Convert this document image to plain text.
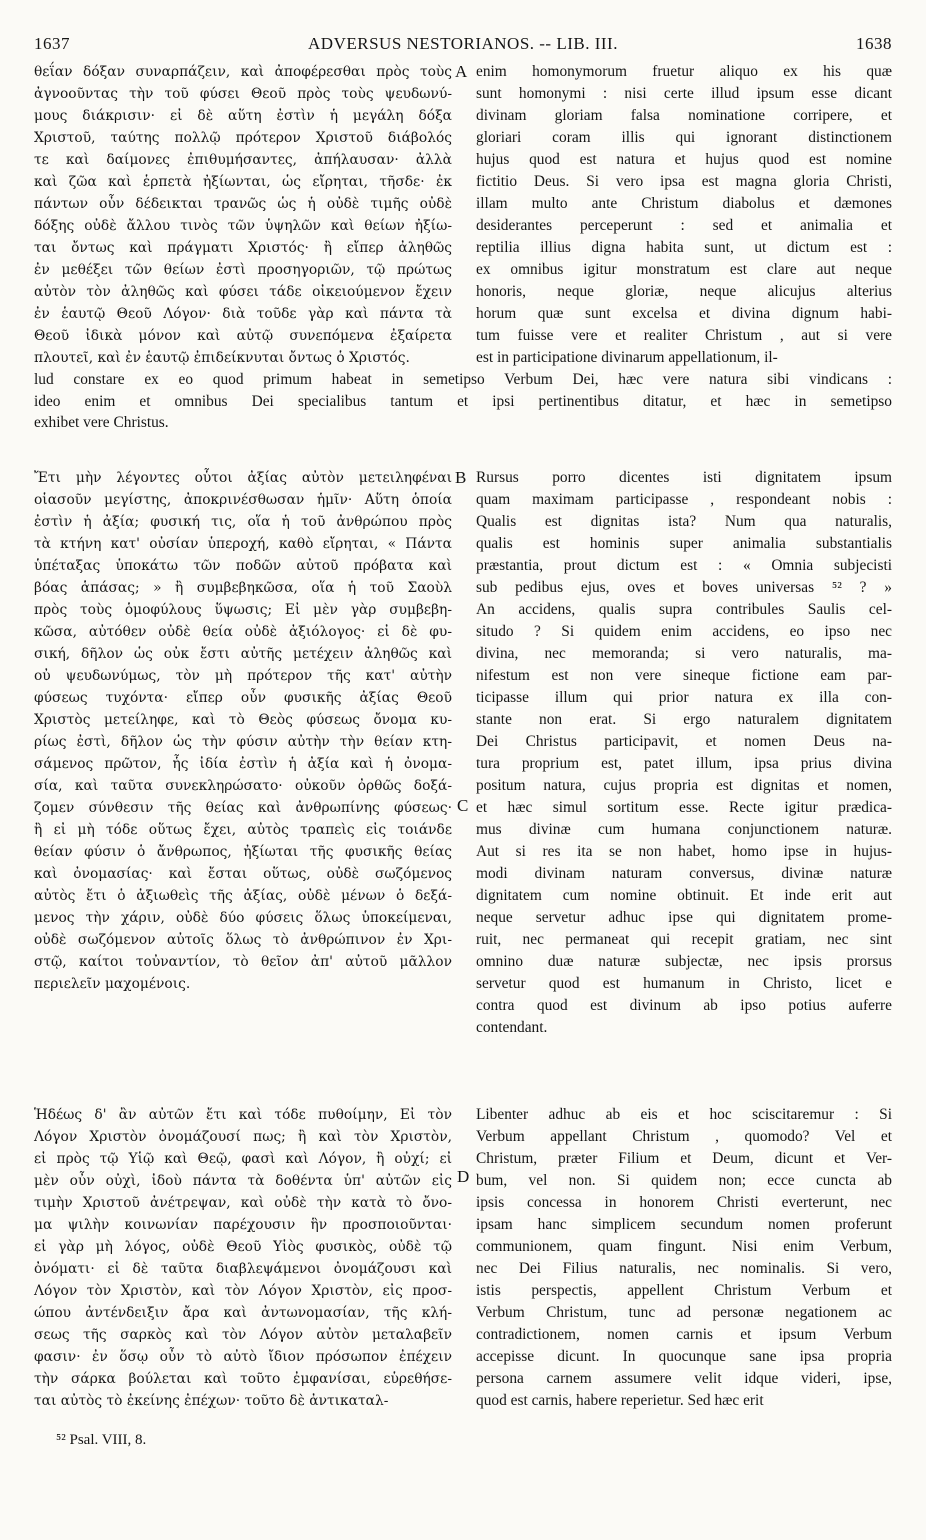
1637	ADVERSUS NESTORIANOS. -- LIB. III.	1638
θεΐαν δόξαν συναρπάζειν, καὶ ἀποφέρεσθαι πρὸς τοὺς
ἀγνοοῦντας τὴν τοῦ φύσει Θεοῦ πρὸς τοὺς ψευδωνύ-
μους διάκρισιν· εἰ δὲ αὕτη ἐστὶν ἡ μεγάλη δόξα
Χριστοῦ, ταύτης πολλῷ πρότερον Χριστοῦ διάβολός
τε καὶ δαίμονες ἐπιθυμήσαντες, ἀπήλαυσαν· ἀλλὰ
καὶ ζῶα καὶ ἑρπετὰ ἠξίωνται, ὡς εἴρηται, τῆσδε· ἐκ
πάντων οὖν δέδεικται τρανῶς ὡς ἡ οὐδὲ τιμῆς οὐδὲ
δόξης οὐδὲ ἄλλου τινὸς τῶν ὑψηλῶν καὶ θείων ἠξίω-
ται ὄντως καὶ πράγματι Χριστός· ἢ εἴπερ ἀληθῶς
ἐν μεθέξει τῶν θείων ἐστὶ προσηγοριῶν, τῷ πρώτως
αὐτὸν τὸν ἀληθῶς καὶ φύσει τάδε οἰκειούμενον ἔχειν
ἐν ἑαυτῷ Θεοῦ Λόγον· διὰ τοῦδε γὰρ καὶ πάντα τὰ
Θεοῦ ἰδικὰ μόνον καὶ αὐτῷ συνεπόμενα ἐξαίρετα
πλουτεῖ, καὶ ἐν ἑαυτῷ ἐπιδείκνυται ὄντως ὁ Χριστός.
enim homonymorum fruetur aliquo ex his quæ
sunt homonymi : nisi certe illud ipsum esse dicant
divinam gloriam falsa nominatione corripere, et
gloriari coram illis qui ignorant distinctionem
hujus quod est natura et hujus quod est nomine
fictitio Deus. Si vero ipsa est magna gloria Christi,
illam multo ante Christum diabolus et dæmones
desiderantes perceperunt : sed et animalia et
reptilia illius digna habita sunt, ut dictum est :
ex omnibus igitur monstratum est clare aut neque
honoris, neque gloriæ, neque alicujus alterius
horum quæ sunt excelsa et divina dignum habi-
tum fuisse vere et realiter Christum , aut si vere
est in participatione divinarum appellationum, il-
lud constare ex eo quod primum habeat in semetipso Verbum Dei, hæc vere natura sibi vindicans :
ideo enim et omnibus Dei specialibus tantum et ipsi pertinentibus ditatur, et hæc in semetipso
exhibet vere Christus.
Ἔτι μὴν λέγοντες οὗτοι ἀξίας αὐτὸν μετειληφέναι
οἱασοῦν μεγίστης, ἀποκρινέσθωσαν ἡμῖν· Αὕτη ὁποία
ἐστὶν ἡ ἀξία; φυσική τις, οἵα ἡ τοῦ ἀνθρώπου πρὸς
τὰ κτήνη κατ' οὐσίαν ὑπεροχή, καθὸ εἴρηται, « Πάντα
ὑπέταξας ὑποκάτω τῶν ποδῶν αὐτοῦ πρόβατα καὶ
βόας ἁπάσας; » ἢ συμβεβηκῶσα, οἵα ἡ τοῦ Σαοὺλ
πρὸς τοὺς ὁμοφύλους ὕψωσις; Εἰ μὲν γὰρ συμβεβη-
κῶσα, αὐτόθεν οὐδὲ θεία οὐδὲ ἀξιόλογος· εἰ δὲ φυ-
σική, δῆλον ὡς οὐκ ἔστι αὐτῆς μετέχειν ἀληθῶς καὶ
οὐ ψευδωνύμως, τὸν μὴ πρότερον τῆς κατ' αὐτὴν
φύσεως τυχόντα· εἴπερ οὖν φυσικῆς ἀξίας Θεοῦ
Χριστὸς μετείληφε, καὶ τὸ Θεὸς φύσεως ὄνομα κυ-
ρίως ἐστὶ, δῆλον ὡς τὴν φύσιν αὐτὴν τὴν θείαν κτη-
σάμενος πρῶτον, ἧς ἰδία ἐστὶν ἡ ἀξία καὶ ἡ ὀνομα-
σία, καὶ ταῦτα συνεκληρώσατο· οὐκοῦν ὀρθῶς δοξά-
ζομεν σύνθεσιν τῆς θείας καὶ ἀνθρωπίνης φύσεως·
ἢ εἰ μὴ τόδε οὕτως ἔχει, αὐτὸς τραπεὶς εἰς τοιάνδε
θείαν φύσιν ὁ ἄνθρωπος, ἠξίωται τῆς φυσικῆς θείας
καὶ ὀνομασίας· καὶ ἔσται οὕτως, οὐδὲ σωζόμενος
αὐτὸς ἔτι ὁ ἀξιωθεὶς τῆς ἀξίας, οὐδὲ μένων ὁ δεξά-
μενος τὴν χάριν, οὐδὲ δύο φύσεις ὅλως ὑποκείμεναι,
οὐδὲ σωζόμενον αὐτοῖς ὅλως τὸ ἀνθρώπινον ἐν Χρι-
στῷ, καίτοι τοὐναντίον, τὸ θεῖον ἀπ' αὐτοῦ μᾶλλον
περιελεῖν μαχομένοις.
Rursus porro dicentes isti dignitatem ipsum
quam maximam participasse , respondeant nobis :
Qualis est dignitas ista? Num qua naturalis,
qualis est hominis super animalia substantialis
præstantia, prout dictum est : « Omnia subjecisti
sub pedibus ejus, oves et boves universas ⁵² ? »
An accidens, qualis supra contribules Saulis cel-
situdo ? Si quidem enim accidens, eo ipso nec
divina, nec memoranda; si vero naturalis, ma-
nifestum est non vere sineque fictione eam par-
ticipasse illum qui prior natura ex illa con-
stante non erat. Si ergo naturalem dignitatem
Dei Christus participavit, et nomen Deus na-
tura proprium est, patet illum, ipsa prius divina
positum natura, cujus propria est dignitas et nomen,
et hæc simul sortitum esse. Recte igitur prædica-
mus divinæ cum humana conjunctionem naturæ.
Aut si res ita se non habet, homo ipse in hujus-
modi divinam naturam conversus, divinæ naturæ
dignitatem cum nomine obtinuit. Et inde erit aut
neque servetur adhuc ipse qui dignitatem prome-
ruit, nec permaneat qui recepit gratiam, nec sint
omnino duæ naturæ subjectæ, nec ipsis prorsus
servetur quod est humanum in Christo, licet e
contra quod est divinum ab ipso potius auferre
contendant.
Ἡδέως δ' ἂν αὐτῶν ἔτι καὶ τόδε πυθοίμην, Εἰ τὸν
Λόγον Χριστὸν ὀνομάζουσί πως; ἢ καὶ τὸν Χριστὸν,
εἰ πρὸς τῷ Υἱῷ καὶ Θεῷ, φασὶ καὶ Λόγον, ἢ οὐχί; εἰ
μὲν οὖν οὐχὶ, ἰδοὺ πάντα τὰ δοθέντα ὑπ' αὐτῶν εἰς
τιμὴν Χριστοῦ ἀνέτρεψαν, καὶ οὐδὲ τὴν κατὰ τὸ ὄνο-
μα ψιλὴν κοινωνίαν παρέχουσιν ἣν προσποιοῦνται·
εἰ γὰρ μὴ λόγος, οὐδὲ Θεοῦ Υἱὸς φυσικὸς, οὐδὲ τῷ
ὀνόματι· εἰ δὲ ταῦτα διαβλεψάμενοι ὀνομάζουσι καὶ
Λόγον τὸν Χριστὸν, καὶ τὸν Λόγον Χριστὸν, εἰς προσ-
ώπου ἀντένδειξιν ἄρα καὶ ἀντωνομασίαν, τῆς κλή-
σεως τῆς σαρκὸς καὶ τὸν Λόγον αὐτὸν μεταλαβεῖν
φασιν· ἐν ὅσῳ οὖν τὸ αὐτὸ ἴδιον πρόσωπον ἐπέχειν
τὴν σάρκα βούλεται καὶ τοῦτο ἐμφανίσαι, εὑρεθήσε-
ται αὐτὸς τὸ ἐκείνης ἐπέχων· τοῦτο δὲ ἀντικαταλ-
Libenter adhuc ab eis et hoc sciscitaremur : Si
Verbum appellant Christum , quomodo? Vel et
Christum, præter Filium et Deum, dicunt et Ver-
bum, vel non. Si quidem non; ecce cuncta ab
ipsis concessa in honorem Christi everterunt, nec
ipsam hanc simplicem secundum nomen proferunt
communionem, quam fingunt. Nisi enim Verbum,
nec Dei Filius naturalis, nec nominalis. Si vero,
istis perspectis, appellent Christum Verbum et
Verbum Christum, tunc ad personæ negationem ac
contradictionem, nomen carnis et ipsum Verbum
accepisse dicunt. In quocunque sane ipsa propria
persona carnem assumere velit idque videri, ipse,
quod est carnis, habere reperietur. Sed hæc erit
A
B
C
D
⁵² Psal. VIII, 8.
